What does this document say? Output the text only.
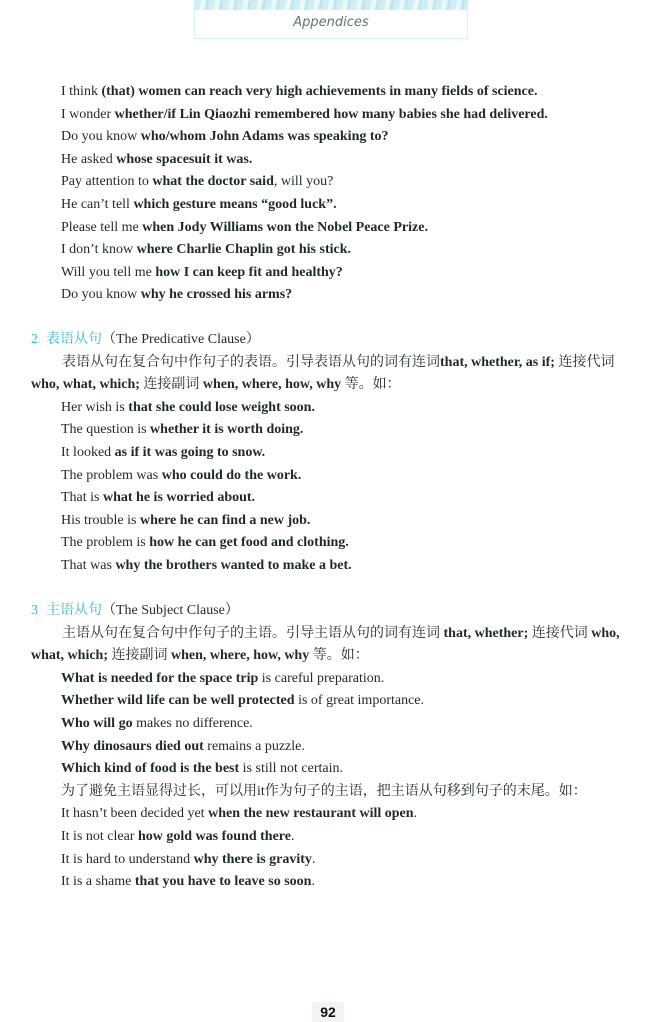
Appendices
I think (that) women can reach very high achievements in many fields of science.
I wonder whether/if Lin Qiaozhi remembered how many babies she had delivered.
Do you know who/whom John Adams was speaking to?
He asked whose spacesuit it was.
Pay attention to what the doctor said, will you?
He can’t tell which gesture means “good luck”.
Please tell me when Jody Williams won the Nobel Peace Prize.
I don’t know where Charlie Chaplin got his stick.
Will you tell me how I can keep fit and healthy?
Do you know why he crossed his arms?
2 表语从句（The Predicative Clause）
表语从句在复合句中作句子的表语。引导表语从句的词有连词that, whether, as if; 连接代词 who, what, which; 连接副词 when, where, how, why 等。如：
Her wish is that she could lose weight soon.
The question is whether it is worth doing.
It looked as if it was going to snow.
The problem was who could do the work.
That is what he is worried about.
His trouble is where he can find a new job.
The problem is how he can get food and clothing.
That was why the brothers wanted to make a bet.
3 主语从句（The Subject Clause）
主语从句在复合句中作句子的主语。引导主语从句的词有连词 that, whether; 连接代词 who, what, which; 连接副词 when, where, how, why 等。如：
What is needed for the space trip is careful preparation.
Whether wild life can be well protected is of great importance.
Who will go makes no difference.
Why dinosaurs died out remains a puzzle.
Which kind of food is the best is still not certain.
为了避免主语显得过长，可以用it作为句子的主语，把主语从句移到句子的末尾。如：
It hasn’t been decided yet when the new restaurant will open.
It is not clear how gold was found there.
It is hard to understand why there is gravity.
It is a shame that you have to leave so soon.
92
